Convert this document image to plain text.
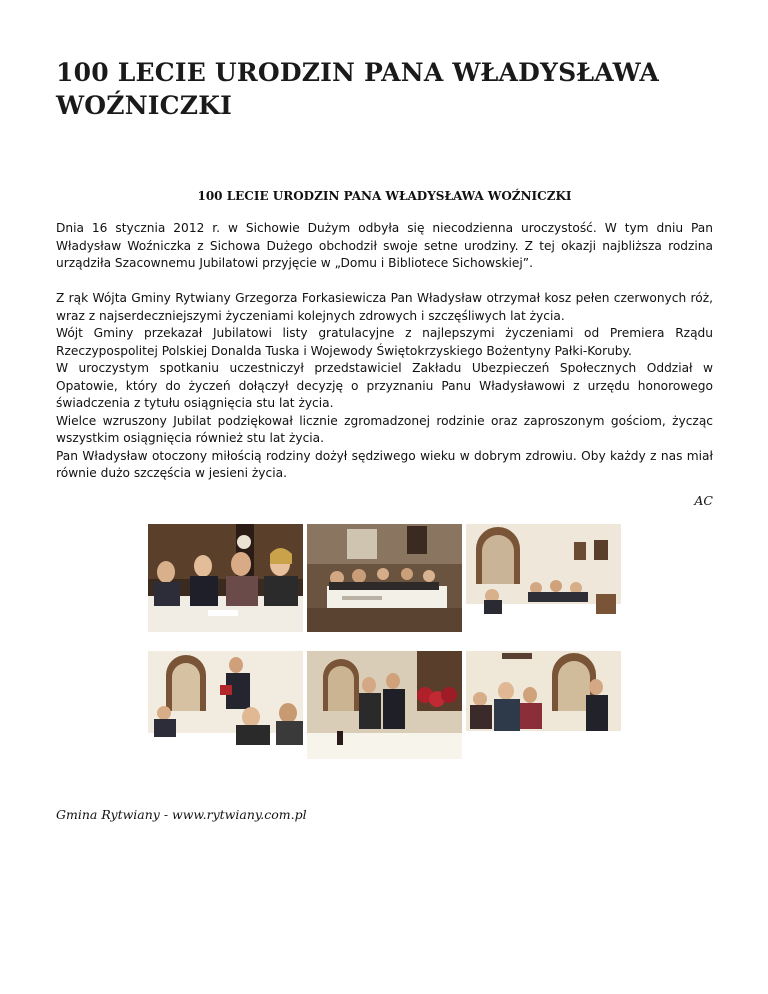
100 LECIE URODZIN PANA WŁADYSŁAWA WOŹNICZKI
100 LECIE URODZIN PANA WŁADYSŁAWA WOŹNICZKI

Dnia 16 stycznia 2012 r. w Sichowie Dużym odbyła się niecodzienna uroczystość. W tym dniu Pan Władysław Woźniczka z Sichowa Dużego obchodził swoje setne urodziny. Z tej okazji najbliższa rodzina urządziła Szacownemu Jubilatowi przyjęcie w „Domu i Bibliotece Sichowskiej”.

Z rąk Wójta Gminy Rytwiany Grzegorza Forkasiewicza Pan Władysław otrzymał kosz pełen czerwonych róż, wraz z najserdeczniejszymi życzeniami kolejnych zdrowych i szczęśliwych lat życia.

Wójt Gminy przekazał Jubilatowi listy gratulacyjne z najlepszymi życzeniami od Premiera Rządu Rzeczypospolitej Polskiej Donalda Tuska i Wojewody Świętokrzyskiego Bożentyny Pałki-Koruby.

W uroczystym spotkaniu uczestniczył przedstawiciel Zakładu Ubezpieczeń Społecznych Oddział w Opatowie, który do życzeń dołączył decyzję o przyznaniu Panu Władysławowi z urzędu honorowego świadczenia z tytułu osiągnięcia stu lat życia.

Wielce wzruszony Jubilat podziękował licznie zgromadzonej rodzinie oraz zaproszonym gościom, życząc wszystkim osiągnięcia również stu lat życia.

Pan Władysław otoczony miłością rodziny dożył sędziwego wieku w dobrym zdrowiu. Oby każdy z nas miał równie dużo szczęścia w jesieni życia.

AC
Gmina Rytwiany - www.rytwiany.com.pl
